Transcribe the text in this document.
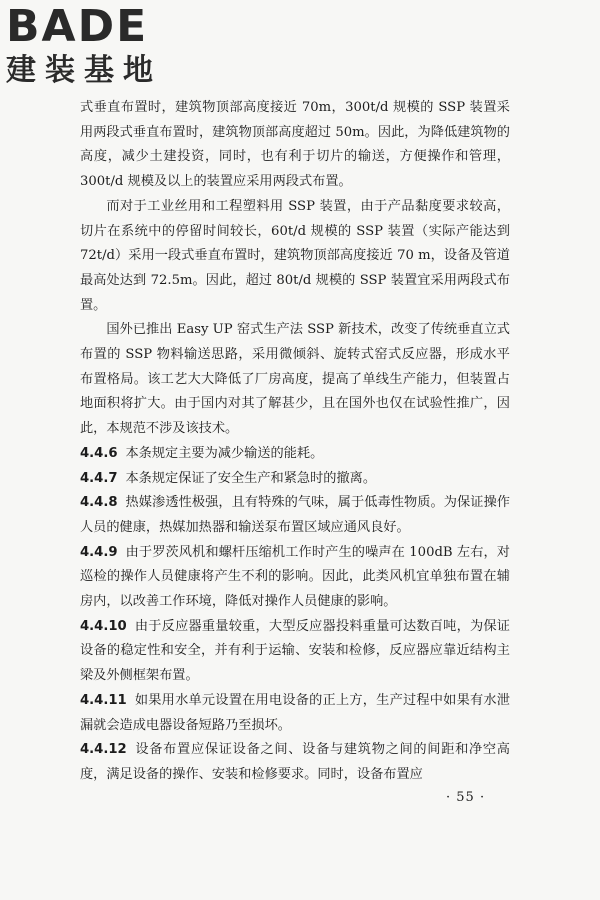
BADE
建装基地

式垂直布置时，建筑物顶部高度接近 70m，300t/d 规模的 SSP 装置采用两段式垂直布置时，建筑物顶部高度超过 50m。因此，为降低建筑物的高度，减少土建投资，同时，也有利于切片的输送，方便操作和管理，300t/d 规模及以上的装置应采用两段式布置。

而对于工业丝用和工程塑料用 SSP 装置，由于产品黏度要求较高，切片在系统中的停留时间较长，60t/d 规模的 SSP 装置（实际产能达到 72t/d）采用一段式垂直布置时，建筑物顶部高度接近 70 m，设备及管道最高处达到 72.5m。因此，超过 80t/d 规模的 SSP 装置宜采用两段式布置。

国外已推出 Easy UP 窑式生产法 SSP 新技术，改变了传统垂直立式布置的 SSP 物料输送思路，采用微倾斜、旋转式窑式反应器，形成水平布置格局。该工艺大大降低了厂房高度，提高了单线生产能力，但装置占地面积将扩大。由于国内对其了解甚少，且在国外也仅在试验性推广，因此，本规范不涉及该技术。

4.4.6 本条规定主要为减少输送的能耗。

4.4.7 本条规定保证了安全生产和紧急时的撤离。

4.4.8 热媒渗透性极强，且有特殊的气味，属于低毒性物质。为保证操作人员的健康，热媒加热器和输送泵布置区域应通风良好。

4.4.9 由于罗茨风机和螺杆压缩机工作时产生的噪声在 100dB 左右，对巡检的操作人员健康将产生不利的影响。因此，此类风机宜单独布置在辅房内，以改善工作环境，降低对操作人员健康的影响。

4.4.10 由于反应器重量较重，大型反应器投料重量可达数百吨，为保证设备的稳定性和安全，并有利于运输、安装和检修，反应器应靠近结构主梁及外侧框架布置。

4.4.11 如果用水单元设置在用电设备的正上方，生产过程中如果有水泄漏就会造成电器设备短路乃至损坏。

4.4.12 设备布置应保证设备之间、设备与建筑物之间的间距和净空高度，满足设备的操作、安装和检修要求。同时，设备布置应

· 55 ·
